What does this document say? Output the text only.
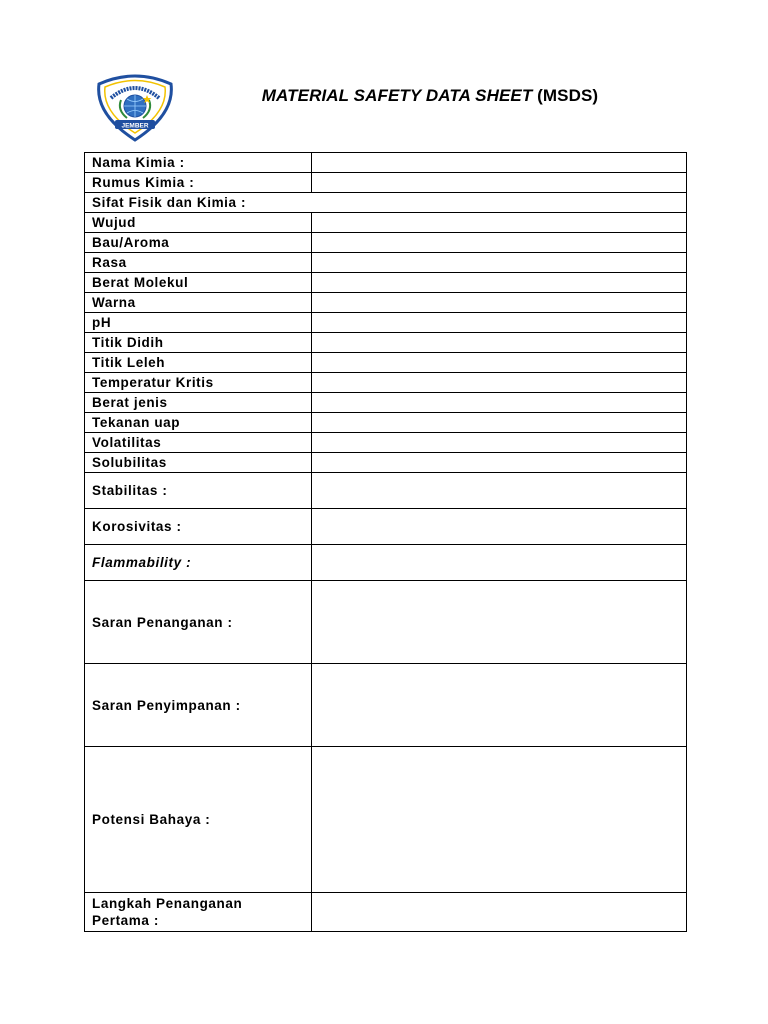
JEMBER
MATERIAL SAFETY DATA SHEET (MSDS)
Nama Kimia :	
Rumus Kimia :	
Sifat Fisik dan Kimia :	
Wujud	
Bau/Aroma	
Rasa	
Berat Molekul	
Warna	
pH	
Titik Didih	
Titik Leleh	
Temperatur Kritis	
Berat jenis	
Tekanan uap	
Volatilitas	
Solubilitas	
Stabilitas :	
Korosivitas :	
Flammability :	
Saran Penanganan :	
Saran Penyimpanan :	
Potensi Bahaya :	

Langkah Penanganan
Pertama :	
